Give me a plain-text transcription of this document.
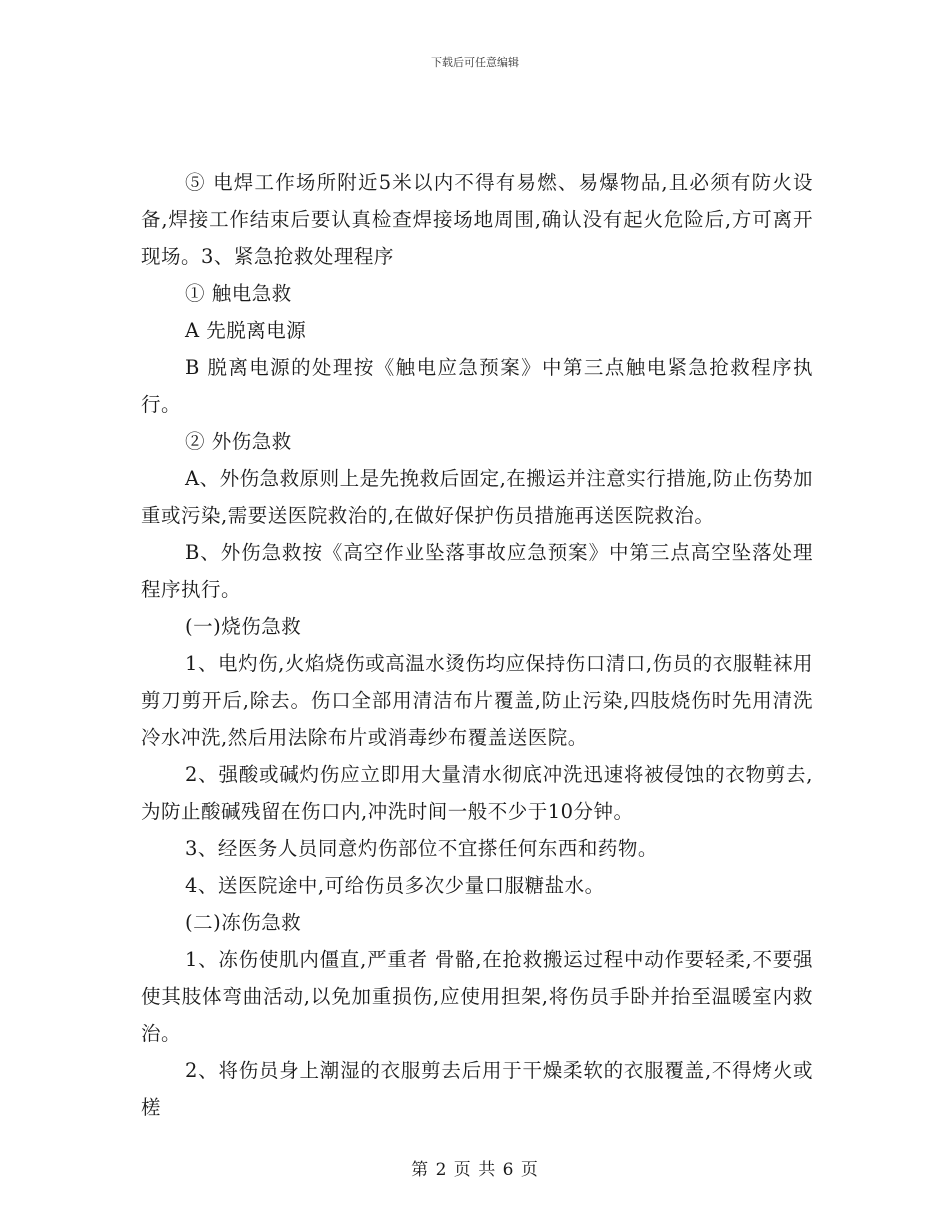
下载后可任意编辑

⑤ 电焊工作场所附近5米以内不得有易燃、易爆物品,且必须有防火设备,焊接工作结束后要认真检查焊接场地周围,确认没有起火危险后,方可离开现场。3、紧急抢救处理程序

① 触电急救

A 先脱离电源

B 脱离电源的处理按《触电应急预案》中第三点触电紧急抢救程序执行。

② 外伤急救

A、外伤急救原则上是先挽救后固定,在搬运并注意实行措施,防止伤势加重或污染,需要送医院救治的,在做好保护伤员措施再送医院救治。

B、外伤急救按《高空作业坠落事故应急预案》中第三点高空坠落处理程序执行。

(一)烧伤急救

1、电灼伤,火焰烧伤或高温水烫伤均应保持伤口清口,伤员的衣服鞋袜用剪刀剪开后,除去。伤口全部用清洁布片覆盖,防止污染,四肢烧伤时先用清洗冷水冲洗,然后用法除布片或消毒纱布覆盖送医院。

2、强酸或碱灼伤应立即用大量清水彻底冲洗迅速将被侵蚀的衣物剪去,为防止酸碱残留在伤口内,冲洗时间一般不少于10分钟。

3、经医务人员同意灼伤部位不宜搽任何东西和药物。

4、送医院途中,可给伤员多次少量口服糖盐水。

(二)冻伤急救

1、冻伤使肌内僵直,严重者 骨骼,在抢救搬运过程中动作要轻柔,不要强使其肢体弯曲活动,以免加重损伤,应使用担架,将伤员手卧并抬至温暖室内救治。

2、将伤员身上潮湿的衣服剪去后用于干燥柔软的衣服覆盖,不得烤火或槎

第 2 页 共 6 页
